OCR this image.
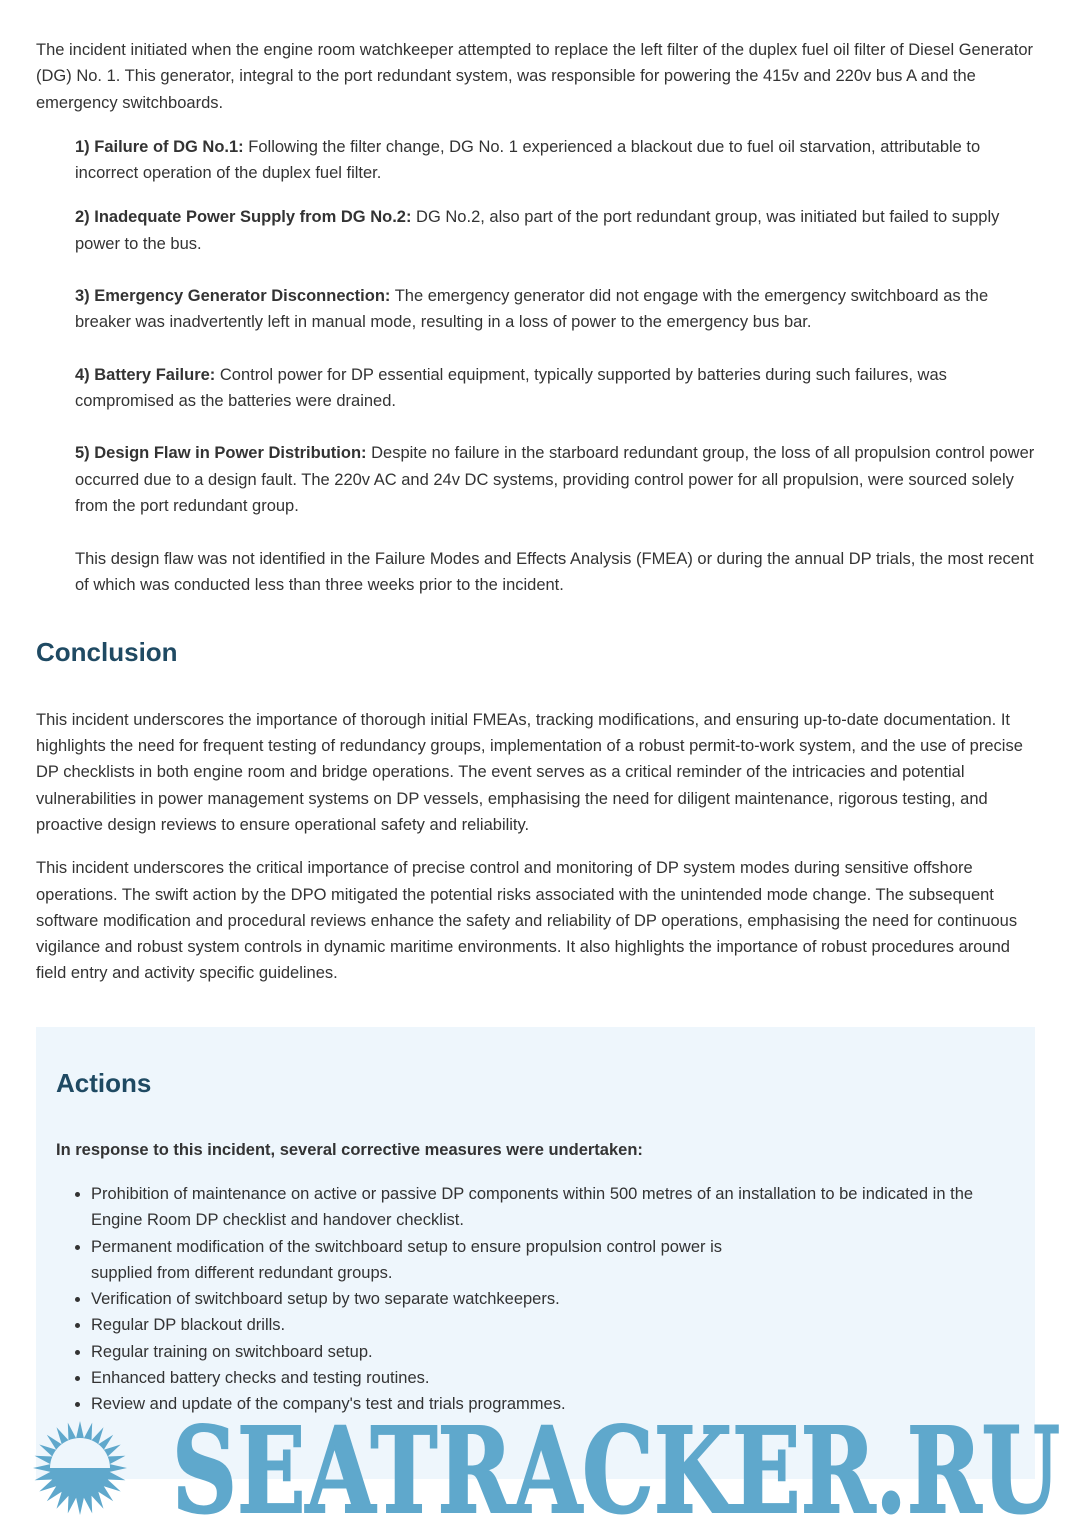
The incident initiated when the engine room watchkeeper attempted to replace the left filter of the duplex fuel oil filter of Diesel Generator (DG) No. 1. This generator, integral to the port redundant system, was responsible for powering the 415v and 220v bus A and the emergency switchboards.

1) Failure of DG No.1: Following the filter change, DG No. 1 experienced a blackout due to fuel oil starvation, attributable to incorrect operation of the duplex fuel filter.

2) Inadequate Power Supply from DG No.2: DG No.2, also part of the port redundant group, was initiated but failed to supply power to the bus.

3) Emergency Generator Disconnection: The emergency generator did not engage with the emergency switchboard as the breaker was inadvertently left in manual mode, resulting in a loss of power to the emergency bus bar.

4) Battery Failure: Control power for DP essential equipment, typically supported by batteries during such failures, was compromised as the batteries were drained.

5) Design Flaw in Power Distribution: Despite no failure in the starboard redundant group, the loss of all propulsion control power occurred due to a design fault. The 220v AC and 24v DC systems, providing control power for all propulsion, were sourced solely from the port redundant group.

This design flaw was not identified in the Failure Modes and Effects Analysis (FMEA) or during the annual DP trials, the most recent of which was conducted less than three weeks prior to the incident.

Conclusion

This incident underscores the importance of thorough initial FMEAs, tracking modifications, and ensuring up-to-date documentation. It highlights the need for frequent testing of redundancy groups, implementation of a robust permit-to-work system, and the use of precise DP checklists in both engine room and bridge operations. The event serves as a critical reminder of the intricacies and potential vulnerabilities in power management systems on DP vessels, emphasising the need for diligent maintenance, rigorous testing, and proactive design reviews to ensure operational safety and reliability.

This incident underscores the critical importance of precise control and monitoring of DP system modes during sensitive offshore operations. The swift action by the DPO mitigated the potential risks associated with the unintended mode change. The subsequent software modification and procedural reviews enhance the safety and reliability of DP operations, emphasising the need for continuous vigilance and robust system controls in dynamic maritime environments. It also highlights the importance of robust procedures around field entry and activity specific guidelines.

Actions

In response to this incident, several corrective measures were undertaken:

• Prohibition of maintenance on active or passive DP components within 500 metres of an installation to be indicated in the Engine Room DP checklist and handover checklist.
• Permanent modification of the switchboard setup to ensure propulsion control power is
supplied from different redundant groups.
• Verification of switchboard setup by two separate watchkeepers.
• Regular DP blackout drills.
• Regular training on switchboard setup.
• Enhanced battery checks and testing routines.
• Review and update of the company's test and trials programmes.
SEATRACKER.RU
